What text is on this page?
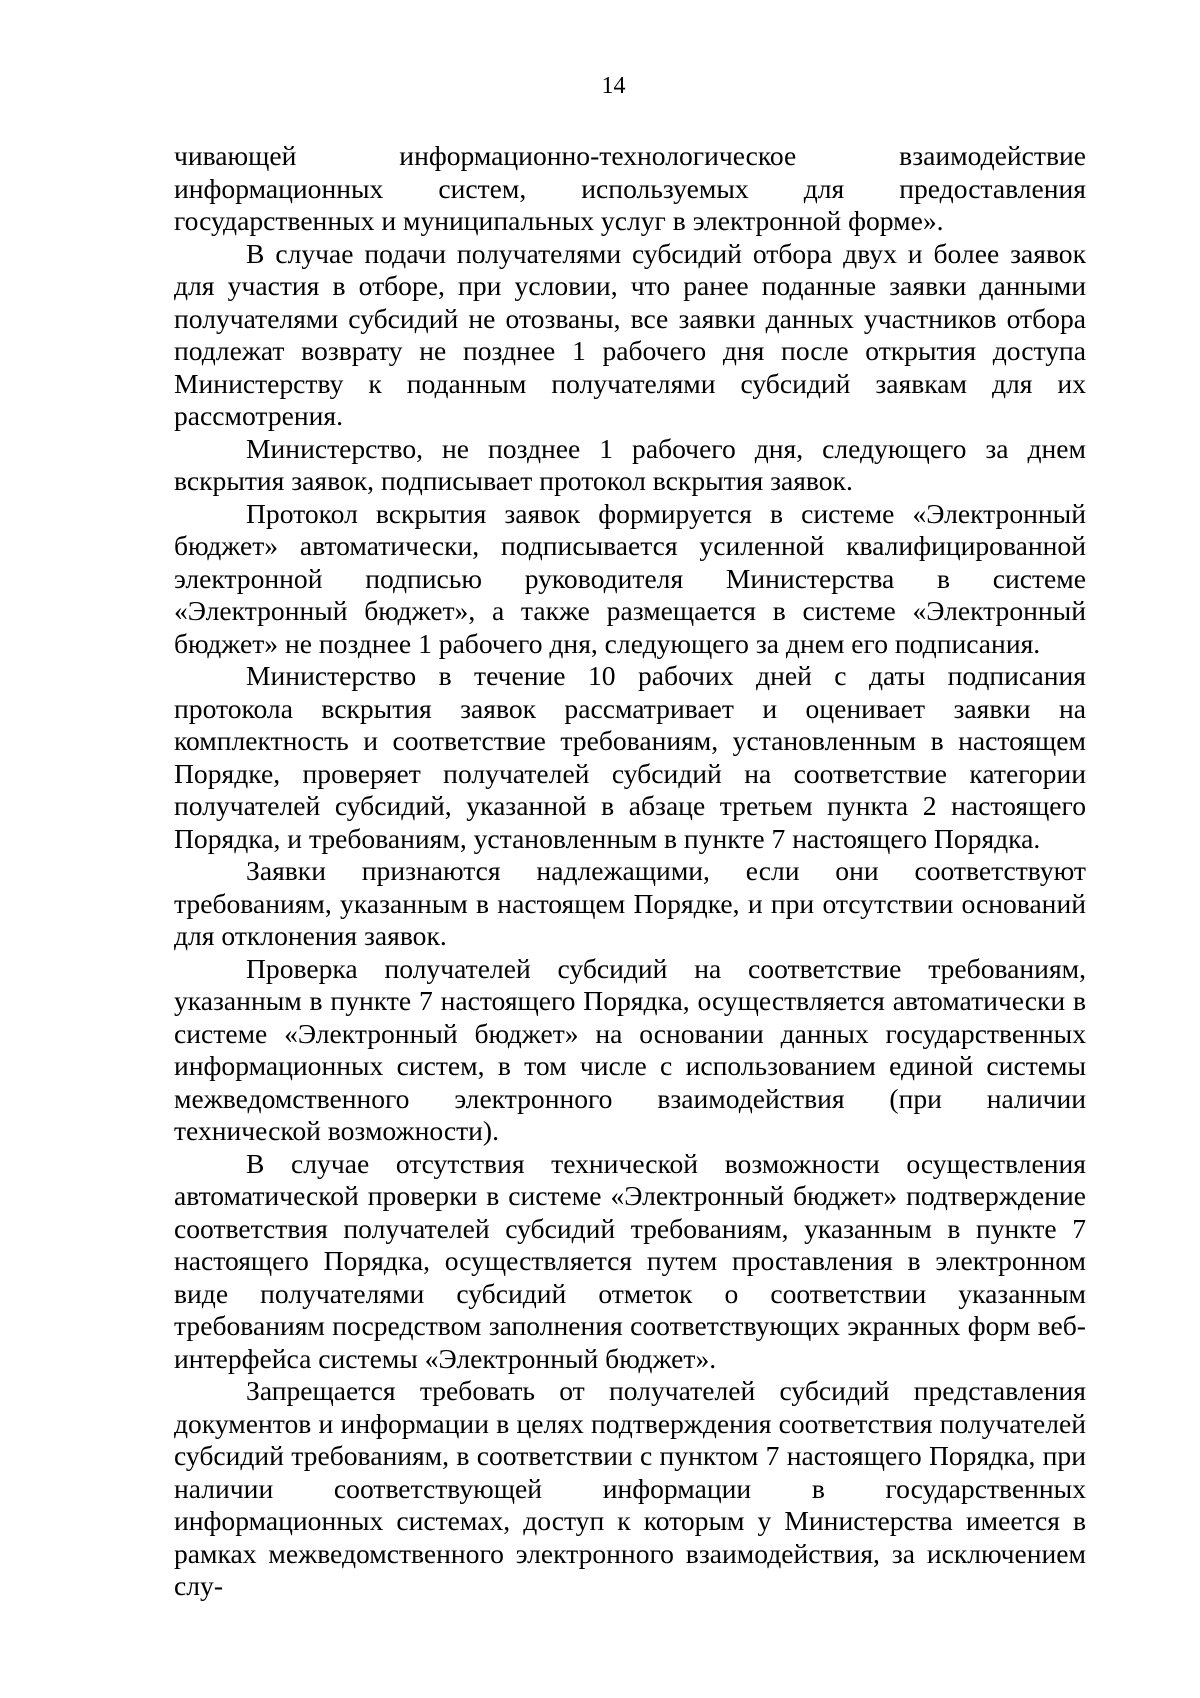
14

чивающей информационно-технологическое взаимодействие информационных систем, используемых для предоставления государственных и муниципальных услуг в электронной форме».

В случае подачи получателями субсидий отбора двух и более заявок для участия в отборе, при условии, что ранее поданные заявки данными получателями субсидий не отозваны, все заявки данных участников отбора подлежат возврату не позднее 1 рабочего дня после открытия доступа Министерству к поданным получателями субсидий заявкам для их рассмотрения.

Министерство, не позднее 1 рабочего дня, следующего за днем вскрытия заявок, подписывает протокол вскрытия заявок.

Протокол вскрытия заявок формируется в системе «Электронный бюджет» автоматически, подписывается усиленной квалифицированной электронной подписью руководителя Министерства в системе «Электронный бюджет», а также размещается в системе «Электронный бюджет» не позднее 1 рабочего дня, следующего за днем его подписания.

Министерство в течение 10 рабочих дней с даты подписания протокола вскрытия заявок рассматривает и оценивает заявки на комплектность и соответствие требованиям, установленным в настоящем Порядке, проверяет получателей субсидий на соответствие категории получателей субсидий, указанной в абзаце третьем пункта 2 настоящего Порядка, и требованиям, установленным в пункте 7 настоящего Порядка.

Заявки признаются надлежащими, если они соответствуют требованиям, указанным в настоящем Порядке, и при отсутствии оснований для отклонения заявок.

Проверка получателей субсидий на соответствие требованиям, указанным в пункте 7 настоящего Порядка, осуществляется автоматически в системе «Электронный бюджет» на основании данных государственных информационных систем, в том числе с использованием единой системы межведомственного электронного взаимодействия (при наличии технической возможности).

В случае отсутствия технической возможности осуществления автоматической проверки в системе «Электронный бюджет» подтверждение соответствия получателей субсидий требованиям, указанным в пункте 7 настоящего Порядка, осуществляется путем проставления в электронном виде получателями субсидий отметок о соответствии указанным требованиям посредством заполнения соответствующих экранных форм веб-интерфейса системы «Электронный бюджет».

Запрещается требовать от получателей субсидий представления документов и информации в целях подтверждения соответствия получателей субсидий требованиям, в соответствии с пунктом 7 настоящего Порядка, при наличии соответствующей информации в государственных информационных системах, доступ к которым у Министерства имеется в рамках межведомственного электронного взаимодействия, за исключением слу-
